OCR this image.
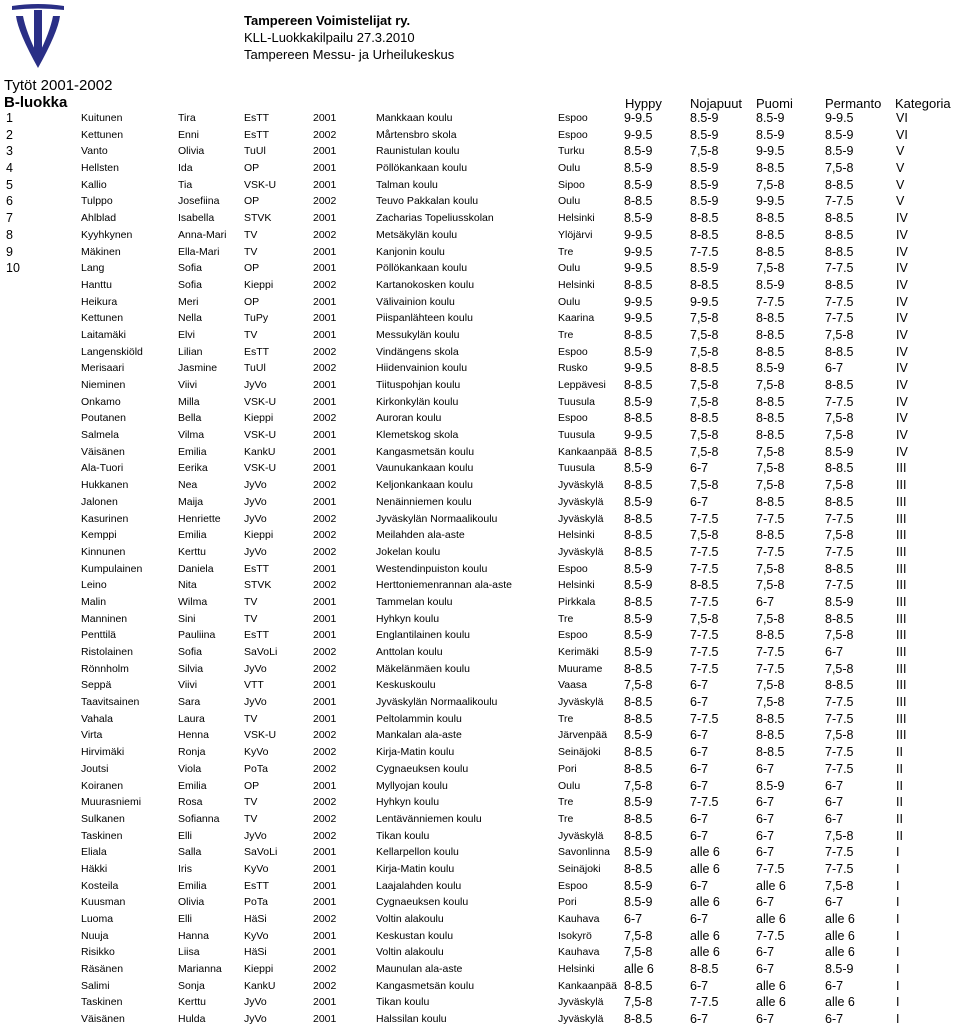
Tampereen Voimistelijat ry.
KLL-Luokkakilpailu 27.3.2010
Tampereen Messu- ja Urheilukeskus
Tytöt 2001-2002
B-luokka	Hyppy Nojapuut Puomi Permanto Kategoria
1	Kuitunen	Tira	EsTT	2001	Mankkaan koulu	Espoo	9-9.5	8.5-9	8.5-9	9-9.5	VI
2	Kettunen	Enni	EsTT	2002	Mårtensbro skola	Espoo	9-9.5	8.5-9	8.5-9	8.5-9	VI
3	Vanto	Olivia	TuUl	2001	Raunistulan koulu	Turku	8.5-9	7,5-8	9-9.5	8.5-9	V
4	Hellsten	Ida	OP	2001	Pöllökankaan koulu	Oulu	8.5-9	8.5-9	8-8.5	7,5-8	V
5	Kallio	Tia	VSK-U	2001	Talman koulu	Sipoo	8.5-9	8.5-9	7,5-8	8-8.5	V
6	Tulppo	Josefiina	OP	2002	Teuvo Pakkalan koulu	Oulu	8-8.5	8.5-9	9-9.5	7-7.5	V
7	Ahlblad	Isabella	STVK	2001	Zacharias Topeliusskolan	Helsinki	8.5-9	8-8.5	8-8.5	8-8.5	IV
8	Kyyhkynen	Anna-Mari	TV	2002	Metsäkylän koulu	Ylöjärvi	9-9.5	8-8.5	8-8.5	8-8.5	IV
9	Mäkinen	Ella-Mari	TV	2001	Kanjonin koulu	Tre	9-9.5	7-7.5	8-8.5	8-8.5	IV
10	Lang	Sofia	OP	2001	Pöllökankaan koulu	Oulu	9-9.5	8.5-9	7,5-8	7-7.5	IV
Hanttu	Sofia	Kieppi	2002	Kartanokosken koulu	Helsinki	8-8.5	8-8.5	8.5-9	8-8.5	IV
Heikura	Meri	OP	2001	Välivainion koulu	Oulu	9-9.5	9-9.5	7-7.5	7-7.5	IV
Kettunen	Nella	TuPy	2001	Piispanlähteen koulu	Kaarina	9-9.5	7,5-8	8-8.5	7-7.5	IV
Laitamäki	Elvi	TV	2001	Messukylän koulu	Tre	8-8.5	7,5-8	8-8.5	7,5-8	IV
Langenskiöld	Lilian	EsTT	2002	Vindängens skola	Espoo	8.5-9	7,5-8	8-8.5	8-8.5	IV
Merisaari	Jasmine	TuUl	2002	Hiidenvainion koulu	Rusko	9-9.5	8-8.5	8.5-9	6-7	IV
Nieminen	Viivi	JyVo	2001	Tiituspohjan koulu	Leppävesi	8-8.5	7,5-8	7,5-8	8-8.5	IV
Onkamo	Milla	VSK-U	2001	Kirkonkylän koulu	Tuusula	8.5-9	7,5-8	8-8.5	7-7.5	IV
Poutanen	Bella	Kieppi	2002	Auroran koulu	Espoo	8-8.5	8-8.5	8-8.5	7,5-8	IV
Salmela	Vilma	VSK-U	2001	Klemetskog skola	Tuusula	9-9.5	7,5-8	8-8.5	7,5-8	IV
Väisänen	Emilia	KankU	2001	Kangasmetsän koulu	Kankaanpää 8-8.5	7,5-8	7,5-8	8.5-9	IV
Ala-Tuori	Eerika	VSK-U	2001	Vaunukankaan koulu	Tuusula	8.5-9	6-7	7,5-8	8-8.5	III
Hukkanen	Nea	JyVo	2002	Keljonkankaan koulu	Jyväskylä	8-8.5	7,5-8	7,5-8	7,5-8	III
Jalonen	Maija	JyVo	2001	Nenäinniemen koulu	Jyväskylä	8.5-9	6-7	8-8.5	8-8.5	III
Kasurinen	Henriette	JyVo	2002	Jyväskylän Normaalikoulu	Jyväskylä	8-8.5	7-7.5	7-7.5	7-7.5	III
Kemppi	Emilia	Kieppi	2002	Meilahden ala-aste	Helsinki	8-8.5	7,5-8	8-8.5	7,5-8	III
Kinnunen	Kerttu	JyVo	2002	Jokelan koulu	Jyväskylä	8-8.5	7-7.5	7-7.5	7-7.5	III
Kumpulainen	Daniela	EsTT	2001	Westendinpuiston koulu	Espoo	8.5-9	7-7.5	7,5-8	8-8.5	III
Leino	Nita	STVK	2002	Herttoniemenrannan ala-aste	Helsinki	8.5-9	8-8.5	7,5-8	7-7.5	III
Malin	Wilma	TV	2001	Tammelan koulu	Pirkkala	8-8.5	7-7.5	6-7	8.5-9	III
Manninen	Sini	TV	2001	Hyhkyn koulu	Tre	8.5-9	7,5-8	7,5-8	8-8.5	III
Penttilä	Pauliina	EsTT	2001	Englantilainen koulu	Espoo	8.5-9	7-7.5	8-8.5	7,5-8	III
Ristolainen	Sofia	SaVoLi	2002	Anttolan koulu	Kerimäki	8.5-9	7-7.5	7-7.5	6-7	III
Rönnholm	Silvia	JyVo	2002	Mäkelänmäen koulu	Muurame	8-8.5	7-7.5	7-7.5	7,5-8	III
Seppä	Viivi	VTT	2001	Keskuskoulu	Vaasa	7,5-8	6-7	7,5-8	8-8.5	III
Taavitsainen	Sara	JyVo	2001	Jyväskylän Normaalikoulu	Jyväskylä	8-8.5	6-7	7,5-8	7-7.5	III
Vahala	Laura	TV	2001	Peltolammin koulu	Tre	8-8.5	7-7.5	8-8.5	7-7.5	III
Virta	Henna	VSK-U	2002	Mankalan ala-aste	Järvenpää	8.5-9	6-7	8-8.5	7,5-8	III
Hirvimäki	Ronja	KyVo	2002	Kirja-Matin koulu	Seinäjoki	8-8.5	6-7	8-8.5	7-7.5	II
Joutsi	Viola	PoTa	2002	Cygnaeuksen koulu	Pori	8-8.5	6-7	6-7	7-7.5	II
Koiranen	Emilia	OP	2001	Myllyojan koulu	Oulu	7,5-8	6-7	8.5-9	6-7	II
Muurasniemi	Rosa	TV	2002	Hyhkyn koulu	Tre	8.5-9	7-7.5	6-7	6-7	II
Sulkanen	Sofianna	TV	2002	Lentävänniemen koulu	Tre	8-8.5	6-7	6-7	6-7	II
Taskinen	Elli	JyVo	2002	Tikan koulu	Jyväskylä	8-8.5	6-7	6-7	7,5-8	II
Eliala	Salla	SaVoLi	2001	Kellarpellon koulu	Savonlinna	8.5-9	alle 6	6-7	7-7.5	I
Häkki	Iris	KyVo	2001	Kirja-Matin koulu	Seinäjoki	8-8.5	alle 6	7-7.5	7-7.5	I
Kosteila	Emilia	EsTT	2001	Laajalahden koulu	Espoo	8.5-9	6-7	alle 6	7,5-8	I
Kuusman	Olivia	PoTa	2001	Cygnaeuksen koulu	Pori	8.5-9	alle 6	6-7	6-7	I
Luoma	Elli	HäSi	2002	Voltin alakoulu	Kauhava	6-7	6-7	alle 6	alle 6	I
Nuuja	Hanna	KyVo	2001	Keskustan koulu	Isokyrö	7,5-8	alle 6	7-7.5	alle 6	I
Risikko	Liisa	HäSi	2001	Voltin alakoulu	Kauhava	7,5-8	alle 6	6-7	alle 6	I
Räsänen	Marianna	Kieppi	2002	Maunulan ala-aste	Helsinki	alle 6	8-8.5	6-7	8.5-9	I
Salimi	Sonja	KankU	2002	Kangasmetsän koulu	Kankaanpää 8-8.5	6-7	alle 6	6-7	I
Taskinen	Kerttu	JyVo	2001	Tikan koulu	Jyväskylä	7,5-8	7-7.5	alle 6	alle 6	I
Väisänen	Hulda	JyVo	2001	Halssilan koulu	Jyväskylä	8-8.5	6-7	6-7	6-7	I
